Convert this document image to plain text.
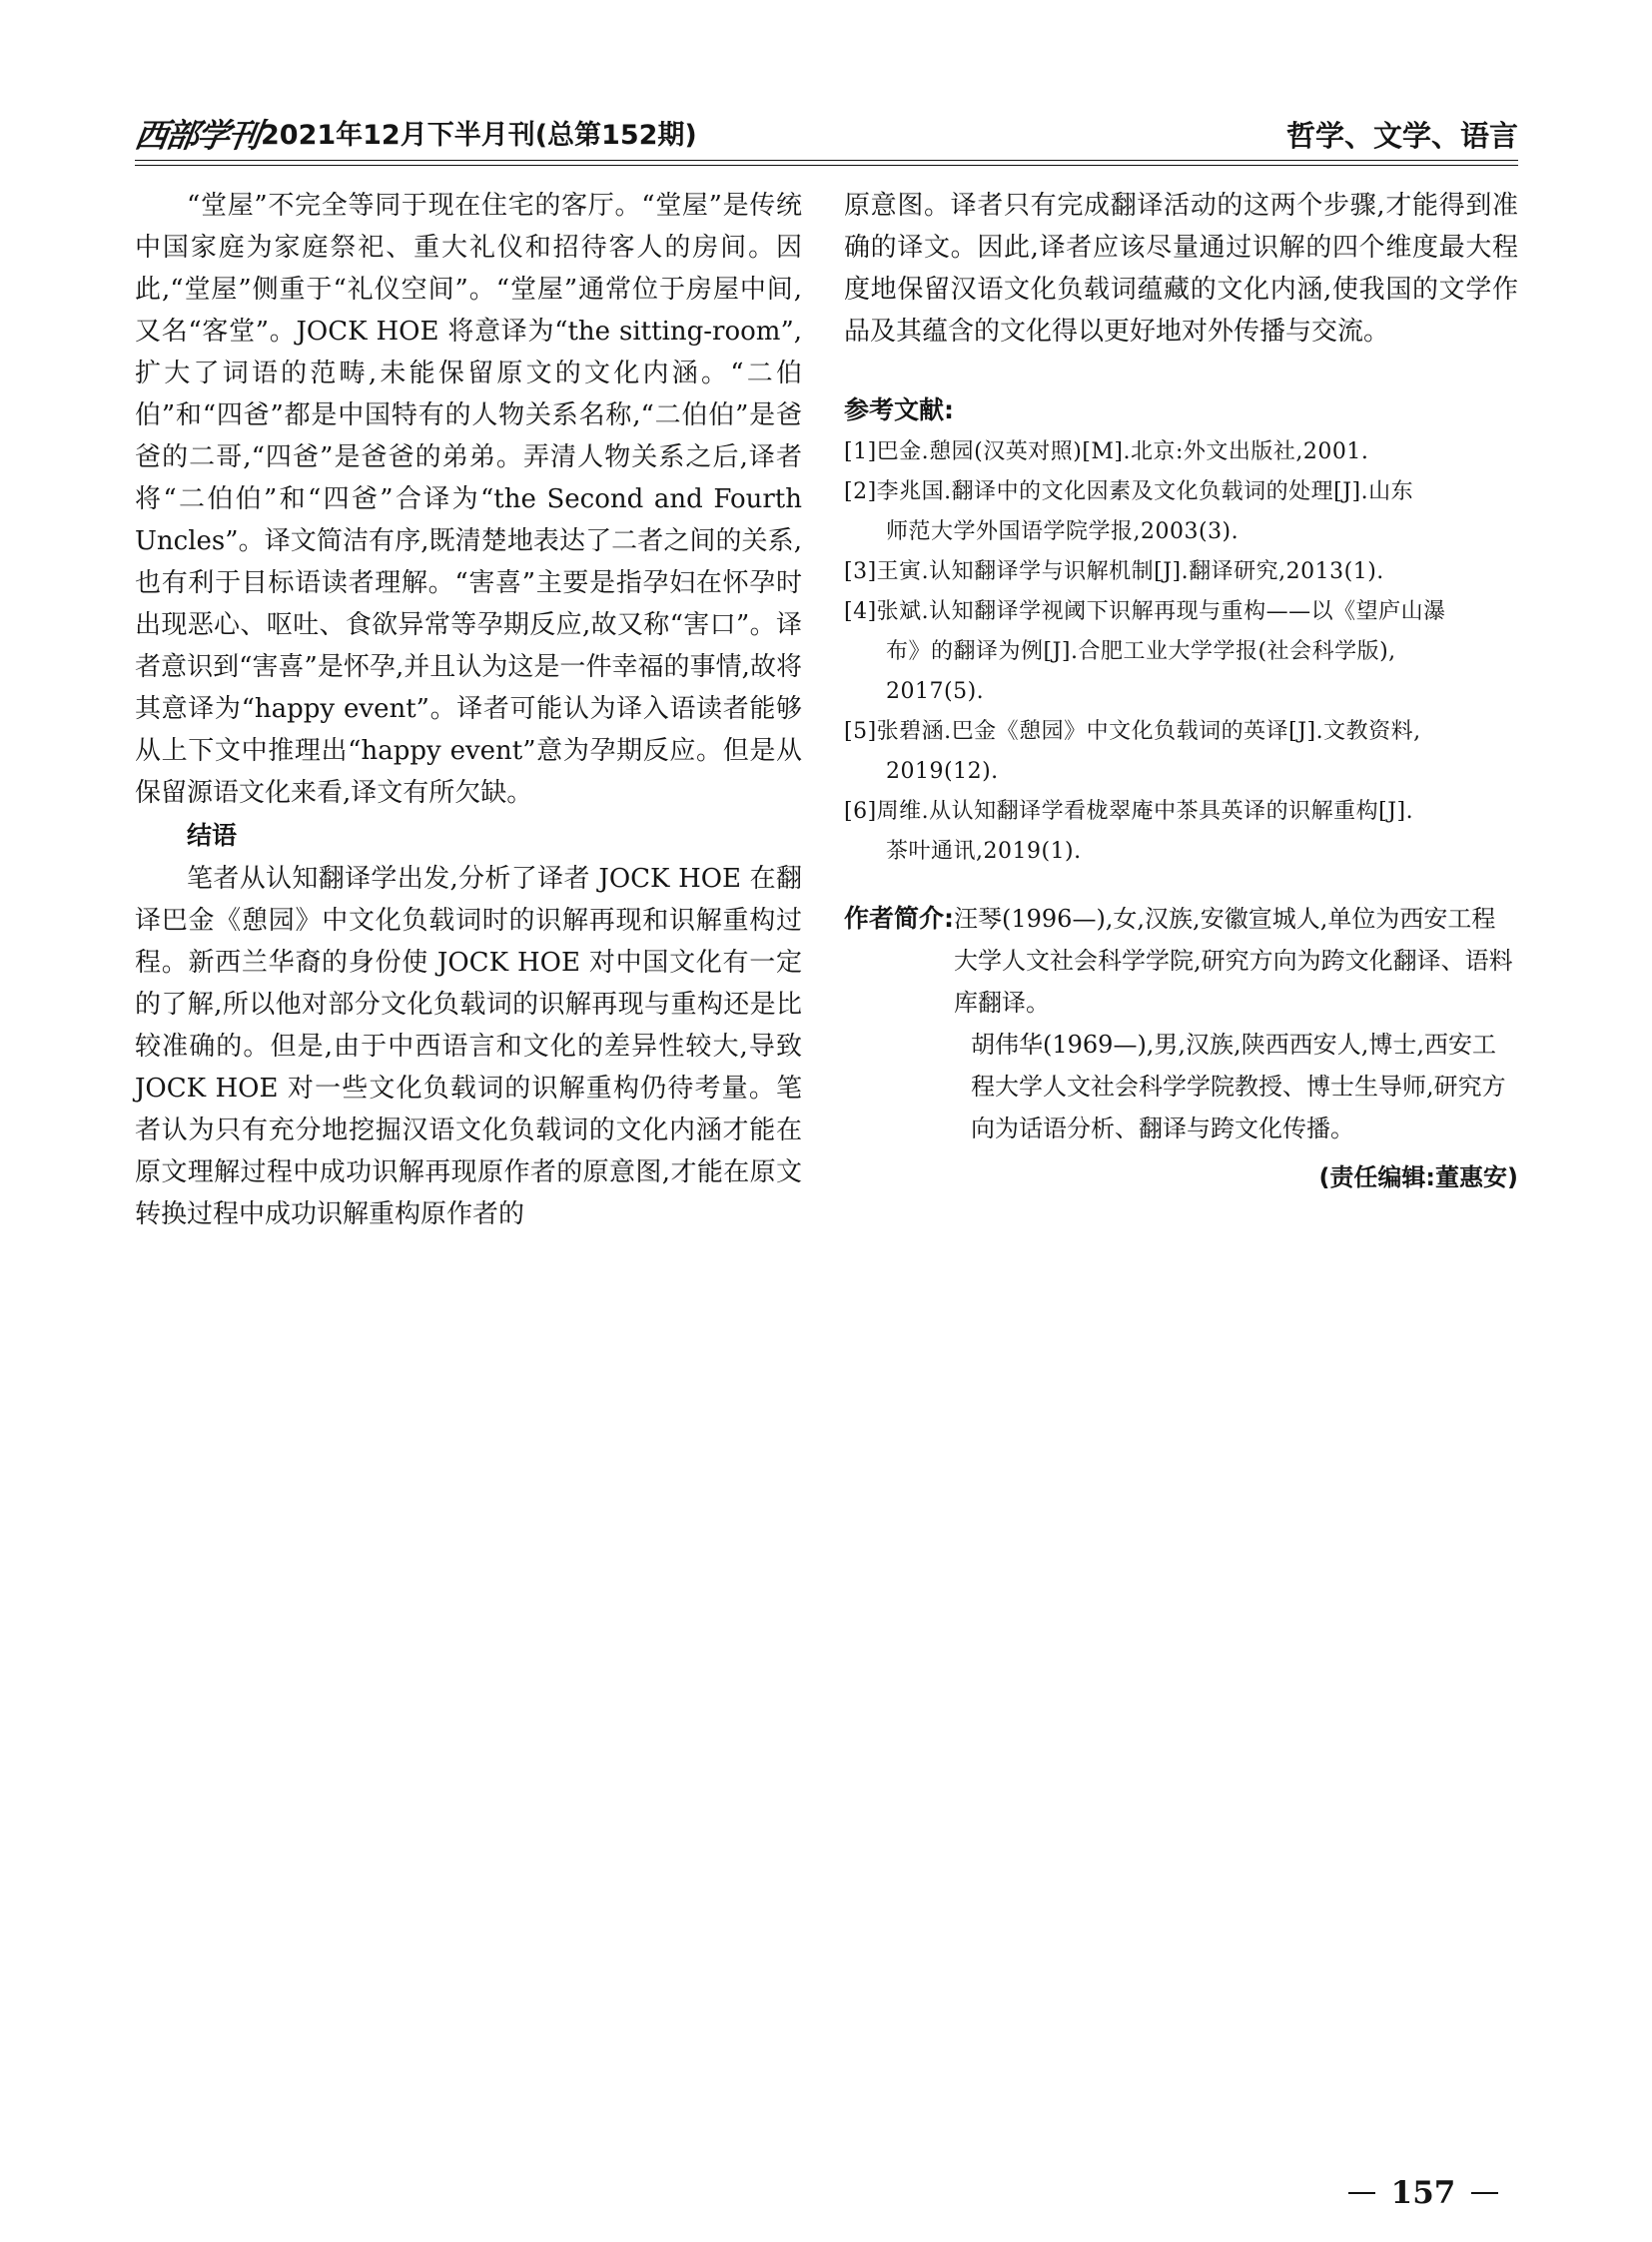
西部学刊 2021年12月下半月刊(总第152期)	哲学、文学、语言

“堂屋”不完全等同于现在住宅的客厅。“堂屋”是传统中国家庭为家庭祭祀、重大礼仪和招待客人的房间。因此,“堂屋”侧重于“礼仪空间”。“堂屋”通常位于房屋中间,又名“客堂”。JOCK HOE 将意译为“the sitting-room”,扩大了词语的范畴,未能保留原文的文化内涵。“二伯伯”和“四爸”都是中国特有的人物关系名称,“二伯伯”是爸爸的二哥,“四爸”是爸爸的弟弟。弄清人物关系之后,译者将“二伯伯”和“四爸”合译为“the Second and Fourth Uncles”。译文简洁有序,既清楚地表达了二者之间的关系,也有利于目标语读者理解。“害喜”主要是指孕妇在怀孕时出现恶心、呕吐、食欲异常等孕期反应,故又称“害口”。译者意识到“害喜”是怀孕,并且认为这是一件幸福的事情,故将其意译为“happy event”。译者可能认为译入语读者能够从上下文中推理出“happy event”意为孕期反应。但是从保留源语文化来看,译文有所欠缺。

结语

笔者从认知翻译学出发,分析了译者 JOCK HOE 在翻译巴金《憩园》中文化负载词时的识解再现和识解重构过程。新西兰华裔的身份使 JOCK HOE 对中国文化有一定的了解,所以他对部分文化负载词的识解再现与重构还是比较准确的。但是,由于中西语言和文化的差异性较大,导致 JOCK HOE 对一些文化负载词的识解重构仍待考量。笔者认为只有充分地挖掘汉语文化负载词的文化内涵才能在原文理解过程中成功识解再现原作者的原意图,才能在原文转换过程中成功识解重构原作者的

原意图。译者只有完成翻译活动的这两个步骤,才能得到准确的译文。因此,译者应该尽量通过识解的四个维度最大程度地保留汉语文化负载词蕴藏的文化内涵,使我国的文学作品及其蕴含的文化得以更好地对外传播与交流。

参考文献:
[1]巴金.憩园(汉英对照)[M].北京:外文出版社,2001.
[2]李兆国.翻译中的文化因素及文化负载词的处理[J].山东
师范大学外国语学院学报,2003(3).
[3]王寅.认知翻译学与识解机制[J].翻译研究,2013(1).
[4]张斌.认知翻译学视阈下识解再现与重构——以《望庐山瀑
布》的翻译为例[J].合肥工业大学学报(社会科学版),
2017(5).
[5]张碧涵.巴金《憩园》中文化负载词的英译[J].文教资料,
2019(12).
[6]周维.从认知翻译学看栊翠庵中茶具英译的识解重构[J].
茶叶通讯,2019(1).
作者简介: 汪琴(1996—),女,汉族,安徽宣城人,单位为西安工程大学人文社会科学学院,研究方向为跨文化翻译、语料库翻译。
胡伟华(1969—),男,汉族,陕西西安人,博士,西安工程大学人文社会科学学院教授、博士生导师,研究方向为话语分析、翻译与跨文化传播。
(责任编辑:董惠安)
157
